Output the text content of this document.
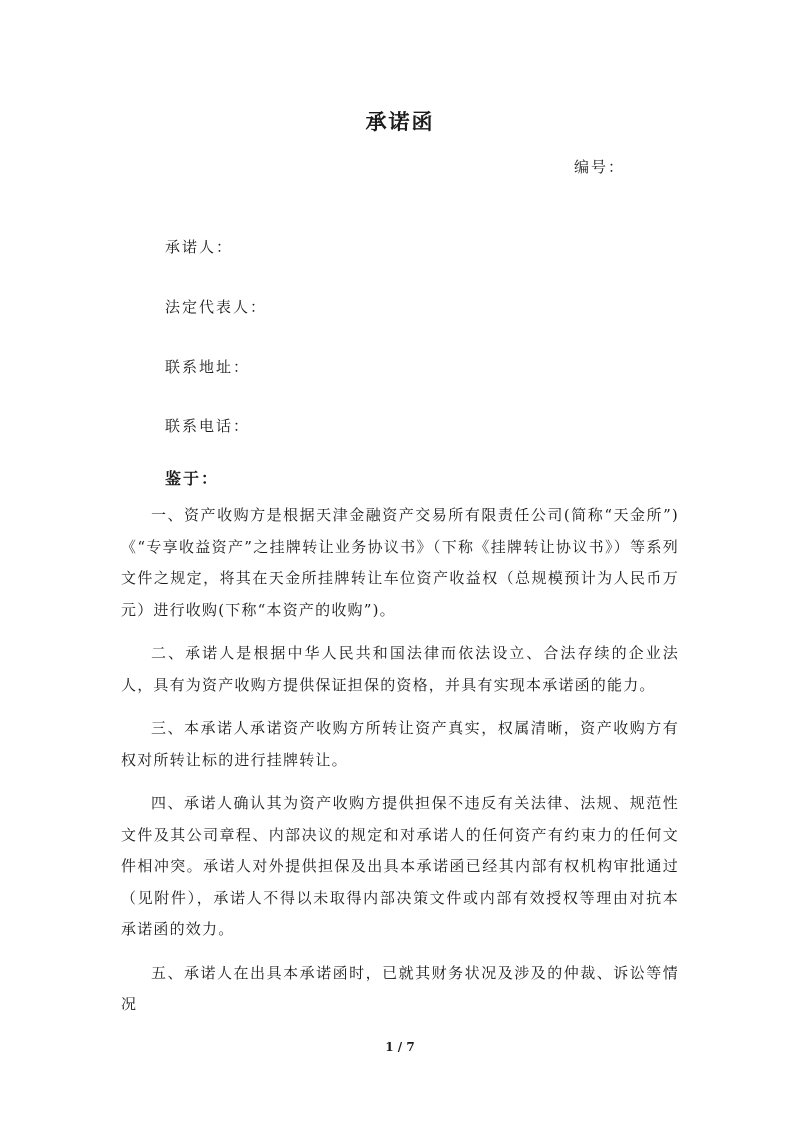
承诺函
编号：
承诺人：
法定代表人：
联系地址：
联系电话：
鉴于：

一、资产收购方是根据天津金融资产交易所有限责任公司(简称“天金所”)《“专享收益资产”之挂牌转让业务协议书》（下称《挂牌转让协议书》）等系列文件之规定，将其在天金所挂牌转让车位资产收益权（总规模预计为人民币万元）进行收购(下称“本资产的收购”)。

二、承诺人是根据中华人民共和国法律而依法设立、合法存续的企业法人，具有为资产收购方提供保证担保的资格，并具有实现本承诺函的能力。

三、本承诺人承诺资产收购方所转让资产真实，权属清晰，资产收购方有权对所转让标的进行挂牌转让。

四、承诺人确认其为资产收购方提供担保不违反有关法律、法规、规范性文件及其公司章程、内部决议的规定和对承诺人的任何资产有约束力的任何文件相冲突。承诺人对外提供担保及出具本承诺函已经其内部有权机构审批通过（见附件），承诺人不得以未取得内部决策文件或内部有效授权等理由对抗本承诺函的效力。

五、承诺人在出具本承诺函时，已就其财务状况及涉及的仲裁、诉讼等情况

1 / 7
